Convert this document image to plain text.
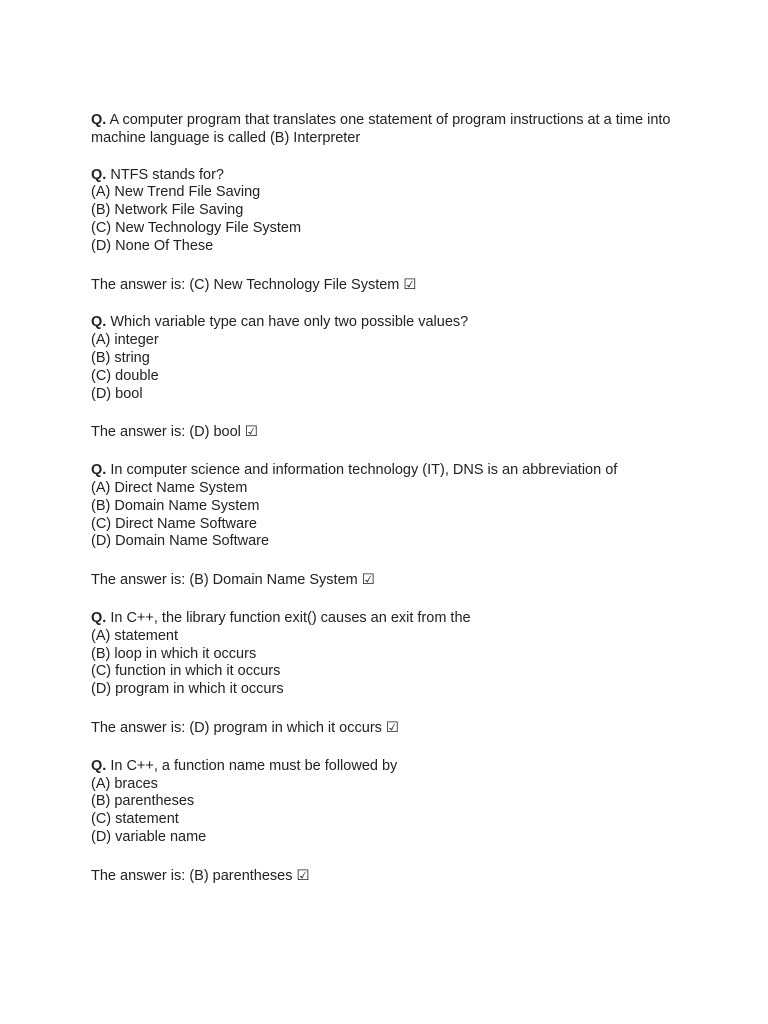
Q. A computer program that translates one statement of program instructions at a time into machine language is called (B) Interpreter
Q. NTFS stands for?
(A) New Trend File Saving
(B) Network File Saving
(C) New Technology File System
(D) None Of These
The answer is: (C) New Technology File System ☑
Q. Which variable type can have only two possible values?
(A) integer
(B) string
(C) double
(D) bool
The answer is: (D) bool ☑
Q. In computer science and information technology (IT), DNS is an abbreviation of
(A) Direct Name System
(B) Domain Name System
(C) Direct Name Software
(D) Domain Name Software
The answer is: (B) Domain Name System ☑
Q. In C++, the library function exit() causes an exit from the
(A) statement
(B) loop in which it occurs
(C) function in which it occurs
(D) program in which it occurs
The answer is: (D) program in which it occurs ☑
Q. In C++, a function name must be followed by
(A) braces
(B) parentheses
(C) statement
(D) variable name
The answer is: (B) parentheses ☑
